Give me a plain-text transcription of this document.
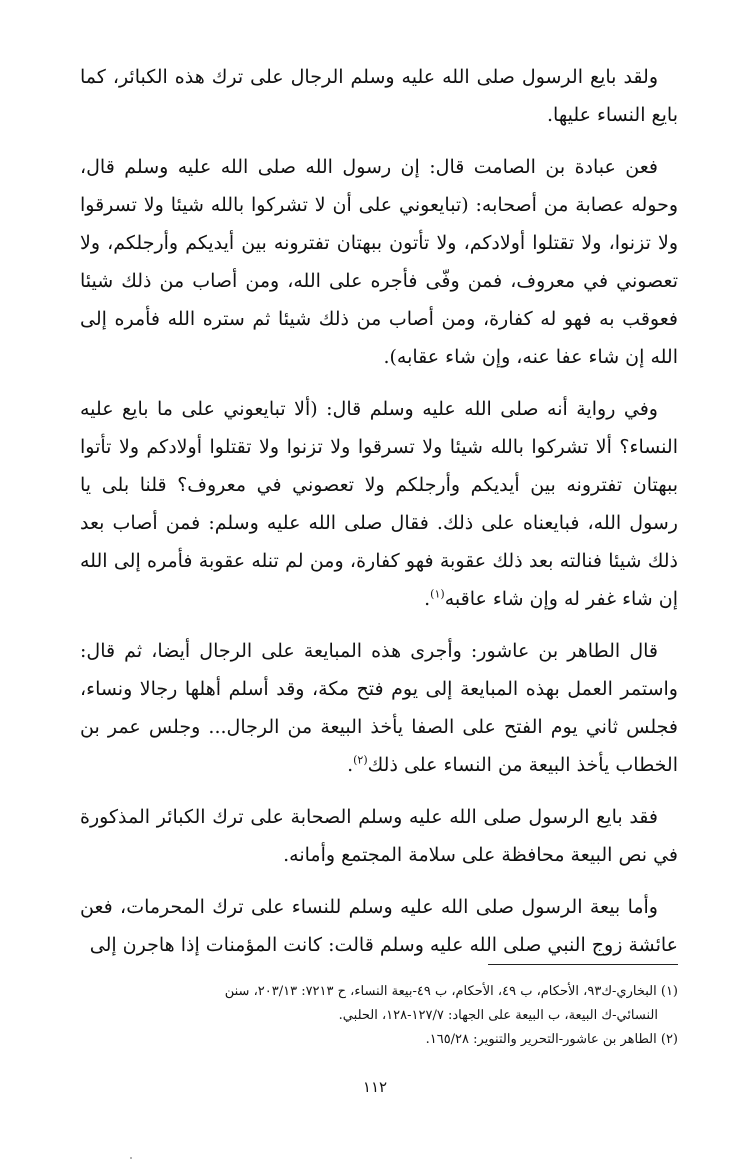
ولقد بايع الرسول صلى الله عليه وسلم الرجال على ترك هذه الكبائر، كما بايع النساء عليها.

فعن عبادة بن الصامت قال: إن رسول الله صلى الله عليه وسلم قال، وحوله عصابة من أصحابه: (تبايعوني على أن لا تشركوا بالله شيئا ولا تسرقوا ولا تزنوا، ولا تقتلوا أولادكم، ولا تأتون ببهتان تفترونه بين أيديكم وأرجلكم، ولا تعصوني في معروف، فمن وفّى فأجره على الله، ومن أصاب من ذلك شيئا فعوقب به فهو له كفارة، ومن أصاب من ذلك شيئا ثم ستره الله فأمره إلى الله إن شاء عفا عنه، وإن شاء عقابه).

وفي رواية أنه صلى الله عليه وسلم قال: (ألا تبايعوني على ما بايع عليه النساء؟ ألا تشركوا بالله شيئا ولا تسرقوا ولا تزنوا ولا تقتلوا أولادكم ولا تأتوا ببهتان تفترونه بين أيديكم وأرجلكم ولا تعصوني في معروف؟ قلنا بلى يا رسول الله، فبايعناه على ذلك. فقال صلى الله عليه وسلم: فمن أصاب بعد ذلك شيئا فنالته بعد ذلك عقوبة فهو كفارة، ومن لم تنله عقوبة فأمره إلى الله إن شاء غفر له وإن شاء عاقبه$^{(١)}$.

قال الطاهر بن عاشور: وأجرى هذه المبايعة على الرجال أيضا، ثم قال: واستمر العمل بهذه المبايعة إلى يوم فتح مكة، وقد أسلم أهلها رجالا ونساء، فجلس ثاني يوم الفتح على الصفا يأخذ البيعة من الرجال... وجلس عمر بن الخطاب يأخذ البيعة من النساء على ذلك$^{(٢)}$.

فقد بايع الرسول صلى الله عليه وسلم الصحابة على ترك الكبائر المذكورة في نص البيعة محافظة على سلامة المجتمع وأمانه.

وأما بيعة الرسول صلى الله عليه وسلم للنساء على ترك المحرمات، فعن عائشة زوج النبي صلى الله عليه وسلم قالت: كانت المؤمنات إذا هاجرن إلى

(١) البخاري-ك٩٣، الأحكام، ب ٤٩، الأحكام، ب ٤٩-بيعة النساء، ح ٧٢١٣: ٢٠٣/١٣، سنن

النسائي-ك البيعة، ب البيعة على الجهاد: ١٢٧/٧-١٢٨، الحلبي.

(٢) الطاهر بن عاشور-التحرير والتنوير: ١٦٥/٢٨.

١١٢
